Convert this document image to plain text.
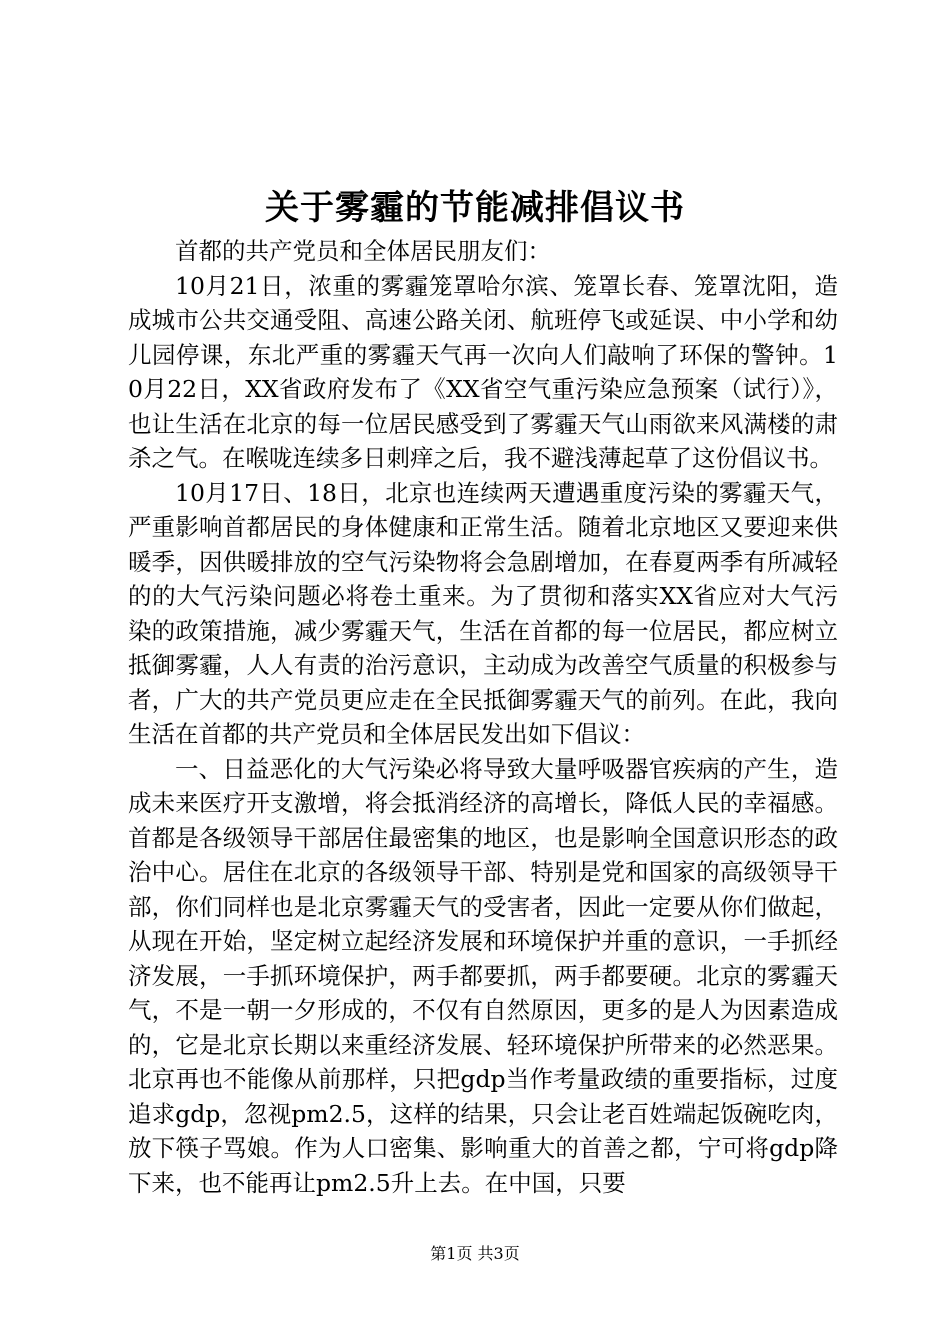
关于雾霾的节能减排倡议书

首都的共产党员和全体居民朋友们：

10月21日，浓重的雾霾笼罩哈尔滨、笼罩长春、笼罩沈阳，造成城市公共交通受阻、高速公路关闭、航班停飞或延误、中小学和幼儿园停课，东北严重的雾霾天气再一次向人们敲响了环保的警钟。10月22日，XX省政府发布了《XX省空气重污染应急预案（试行）》，也让生活在北京的每一位居民感受到了雾霾天气山雨欲来风满楼的肃杀之气。在喉咙连续多日刺痒之后，我不避浅薄起草了这份倡议书。

10月17日、18日，北京也连续两天遭遇重度污染的雾霾天气，严重影响首都居民的身体健康和正常生活。随着北京地区又要迎来供暖季，因供暖排放的空气污染物将会急剧增加，在春夏两季有所减轻的的大气污染问题必将卷土重来。为了贯彻和落实XX省应对大气污染的政策措施，减少雾霾天气，生活在首都的每一位居民，都应树立抵御雾霾，人人有责的治污意识，主动成为改善空气质量的积极参与者，广大的共产党员更应走在全民抵御雾霾天气的前列。在此，我向生活在首都的共产党员和全体居民发出如下倡议：

一、日益恶化的大气污染必将导致大量呼吸器官疾病的产生，造成未来医疗开支激增，将会抵消经济的高增长，降低人民的幸福感。首都是各级领导干部居住最密集的地区，也是影响全国意识形态的政治中心。居住在北京的各级领导干部、特别是党和国家的高级领导干部，你们同样也是北京雾霾天气的受害者，因此一定要从你们做起，从现在开始，坚定树立起经济发展和环境保护并重的意识，一手抓经济发展，一手抓环境保护，两手都要抓，两手都要硬。北京的雾霾天气，不是一朝一夕形成的，不仅有自然原因，更多的是人为因素造成的，它是北京长期以来重经济发展、轻环境保护所带来的必然恶果。北京再也不能像从前那样，只把gdp当作考量政绩的重要指标，过度追求gdp，忽视pm2.5，这样的结果，只会让老百姓端起饭碗吃肉，放下筷子骂娘。作为人口密集、影响重大的首善之都，宁可将gdp降下来，也不能再让pm2.5升上去。在中国，只要

第1页 共3页
